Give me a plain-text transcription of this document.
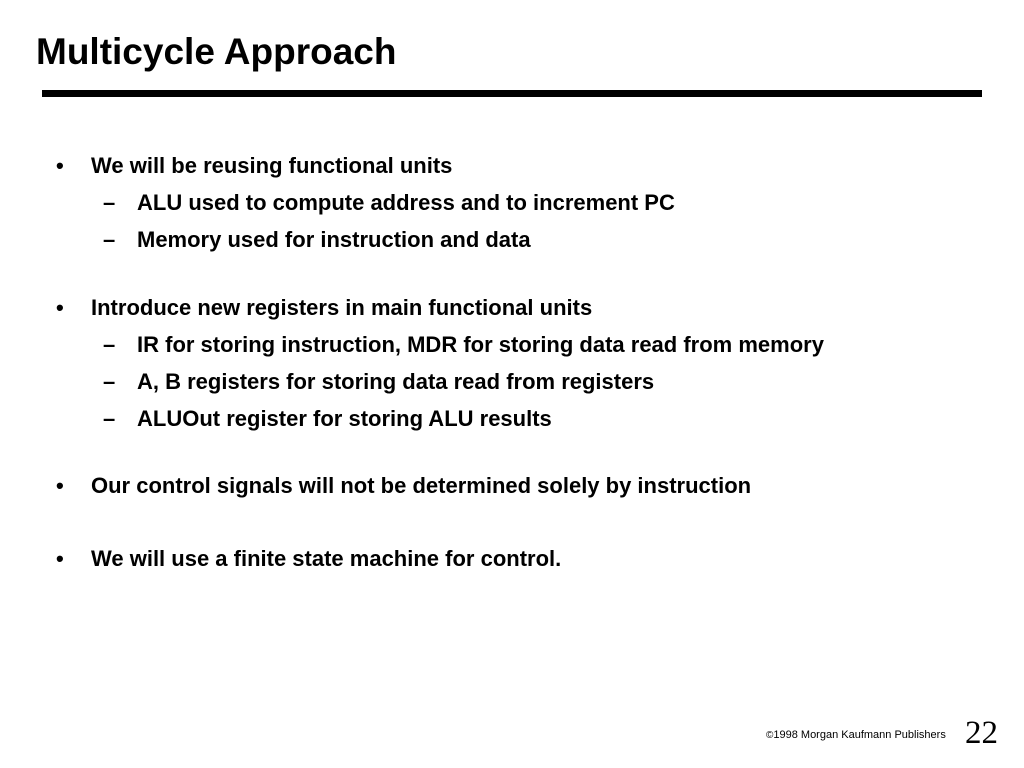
Multicycle Approach
• We will be reusing functional units
– ALU used to compute address and to increment PC
– Memory used for instruction and data
• Introduce new registers in main functional units
– IR for storing instruction, MDR for storing data read from memory
– A, B registers for storing data read from registers
– ALUOut register for storing ALU results
• Our control signals will not be determined solely by instruction
• We will use a finite state machine for control.
©1998 Morgan Kaufmann Publishers 22
